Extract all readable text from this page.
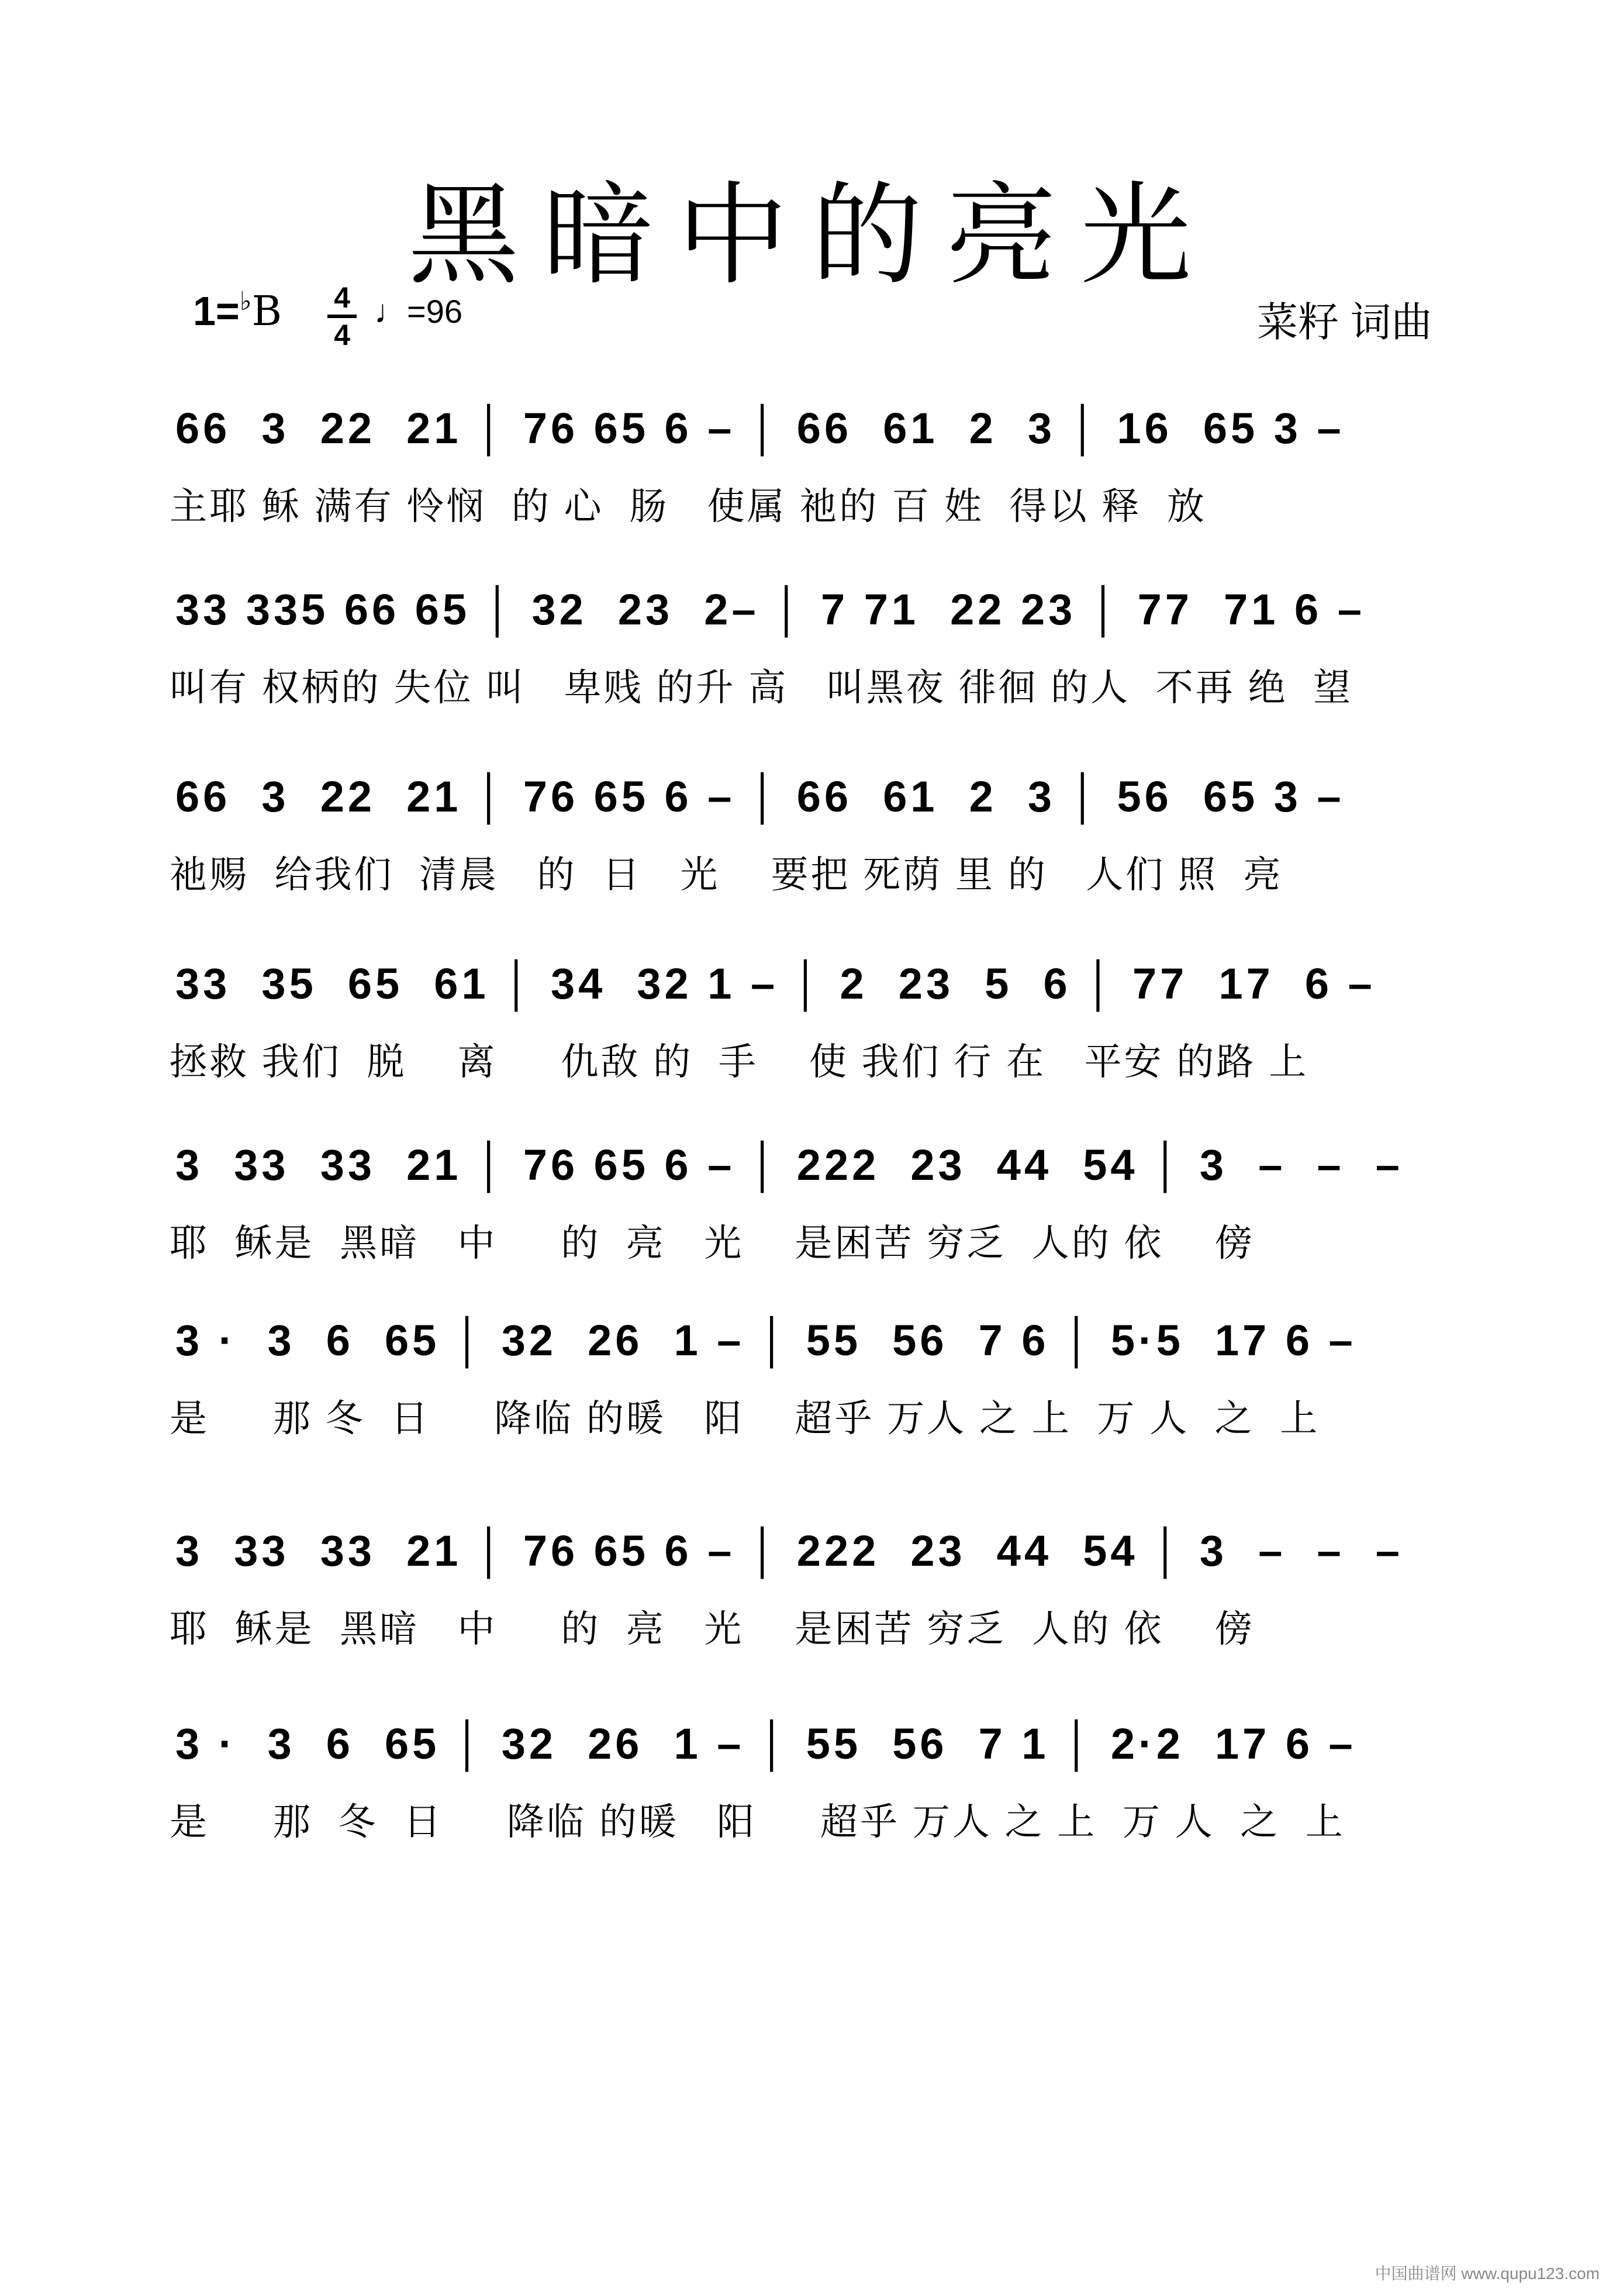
黑暗中的亮光
1=♭B 4
4
♩=96	菜籽 词曲
66  3  22  21 │ 76 65 6 – │ 66  61  2  3 │ 16  65 3 –
主耶 稣 满有 怜悯  的 心  肠   使属 祂的 百 姓  得以 释  放
33 335 66 65 │ 32  23  2– │ 7 71  22 23 │ 77  71 6 –
叫有 权柄的 失位 叫   卑贱 的升 高   叫黑夜 徘徊 的人  不再 绝  望
66  3  22  21 │ 76 65 6 – │ 66  61  2  3 │ 56  65 3 –
祂赐  给我们  清晨   的  日   光    要把 死荫 里 的   人们 照  亮
33  35  65  61 │ 34  32 1 – │ 2  23  5  6 │ 77  17  6 –
拯救 我们  脱    离     仇敌 的  手    使 我们 行 在   平安 的路 上
3  33  33  21 │ 76 65 6 – │ 222  23  44  54 │ 3  –  –  –
耶  稣是  黑暗   中     的  亮   光    是困苦 穷乏  人的 依    傍
3 ·  3  6  65 │ 32  26  1 – │ 55  56  7 6 │ 5·5  17 6 –
是     那 冬  日     降临 的暖   阳    超乎 万人 之 上  万 人  之  上
3  33  33  21 │ 76 65 6 – │ 222  23  44  54 │ 3  –  –  –
耶  稣是  黑暗   中     的  亮   光    是困苦 穷乏  人的 依    傍
3 ·  3  6  65 │ 32  26  1 – │ 55  56  7 1 │ 2·2  17 6 –
是     那  冬  日     降临 的暖   阳     超乎 万人 之 上  万 人  之  上
中国曲谱网 www.qupu123.com
